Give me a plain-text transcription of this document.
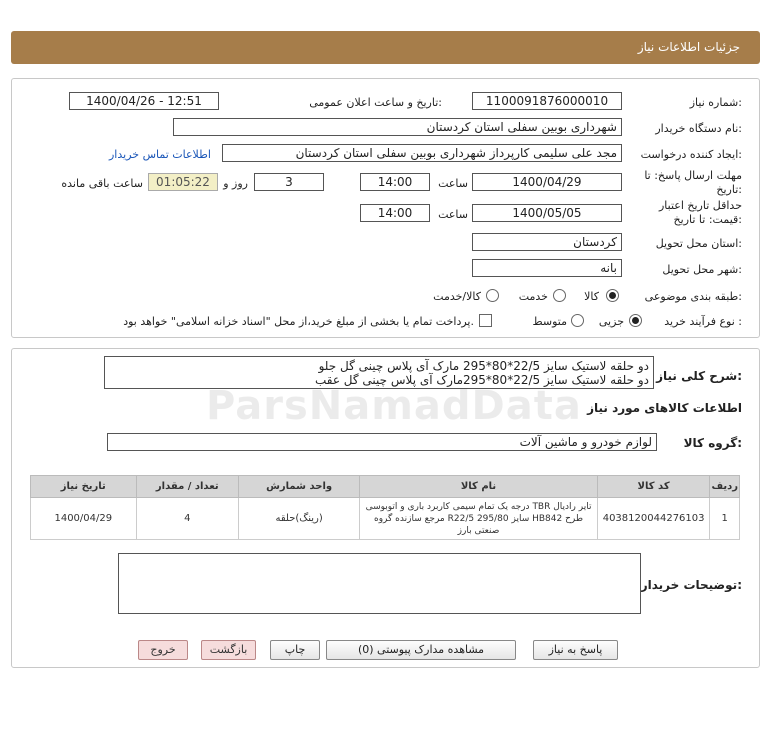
جزئیات اطلاعات نیاز
شماره نیاز:
1100091876000010
تاریخ و ساعت اعلان عمومی:
1400/04/26 - 12:51
نام دستگاه خریدار:
شهرداری بوبین سفلی استان کردستان
ایجاد کننده درخواست:
مجد علی سلیمی کارپرداز شهرداری بوبین سفلی استان کردستان
اطلاعات تماس خریدار
مهلت ارسال پاسخ: تا
تاریخ:
1400/04/29
ساعت
14:00
3
روز و
01:05:22
ساعت باقی مانده
حداقل تاریخ اعتبار
قیمت: تا تاریخ:
1400/05/05
ساعت
14:00
استان محل تحویل:
کردستان
شهر محل تحویل:
بانه
طبقه بندی موضوعی:
کالا
خدمت
کالا/خدمت
نوع فرآیند خرید :
جزیی
متوسط
پرداخت تمام یا بخشی از مبلغ خرید،از محل "اسناد خزانه اسلامی" خواهد بود.
شرح کلی نیاز:
دو حلقه لاستیک سایز 22/5*80*295 مارک آی پلاس چینی گل جلو
دو حلقه لاستیک سایز 22/5*80*295مارک آی پلاس چینی گل عقب
اطلاعات کالاهای مورد نیاز
گروه کالا:
لوازم خودرو و ماشین آلات
ردیف	کد کالا	نام کالا	واحد شمارش	تعداد / مقدار	تاریخ نیاز
1	4038120044276103	تایر رادیال TBR درجه یک تمام سیمی کاربرد باری و اتوبوسی طرح HB842 سایز 295/80 R22/5 مرجع سازنده گروه صنعتی بارز	(رینگ)حلقه	4	1400/04/29
توضیحات خریدار:
پاسخ به نیاز
مشاهده مدارک پیوستی (0)
چاپ
بازگشت
خروج
